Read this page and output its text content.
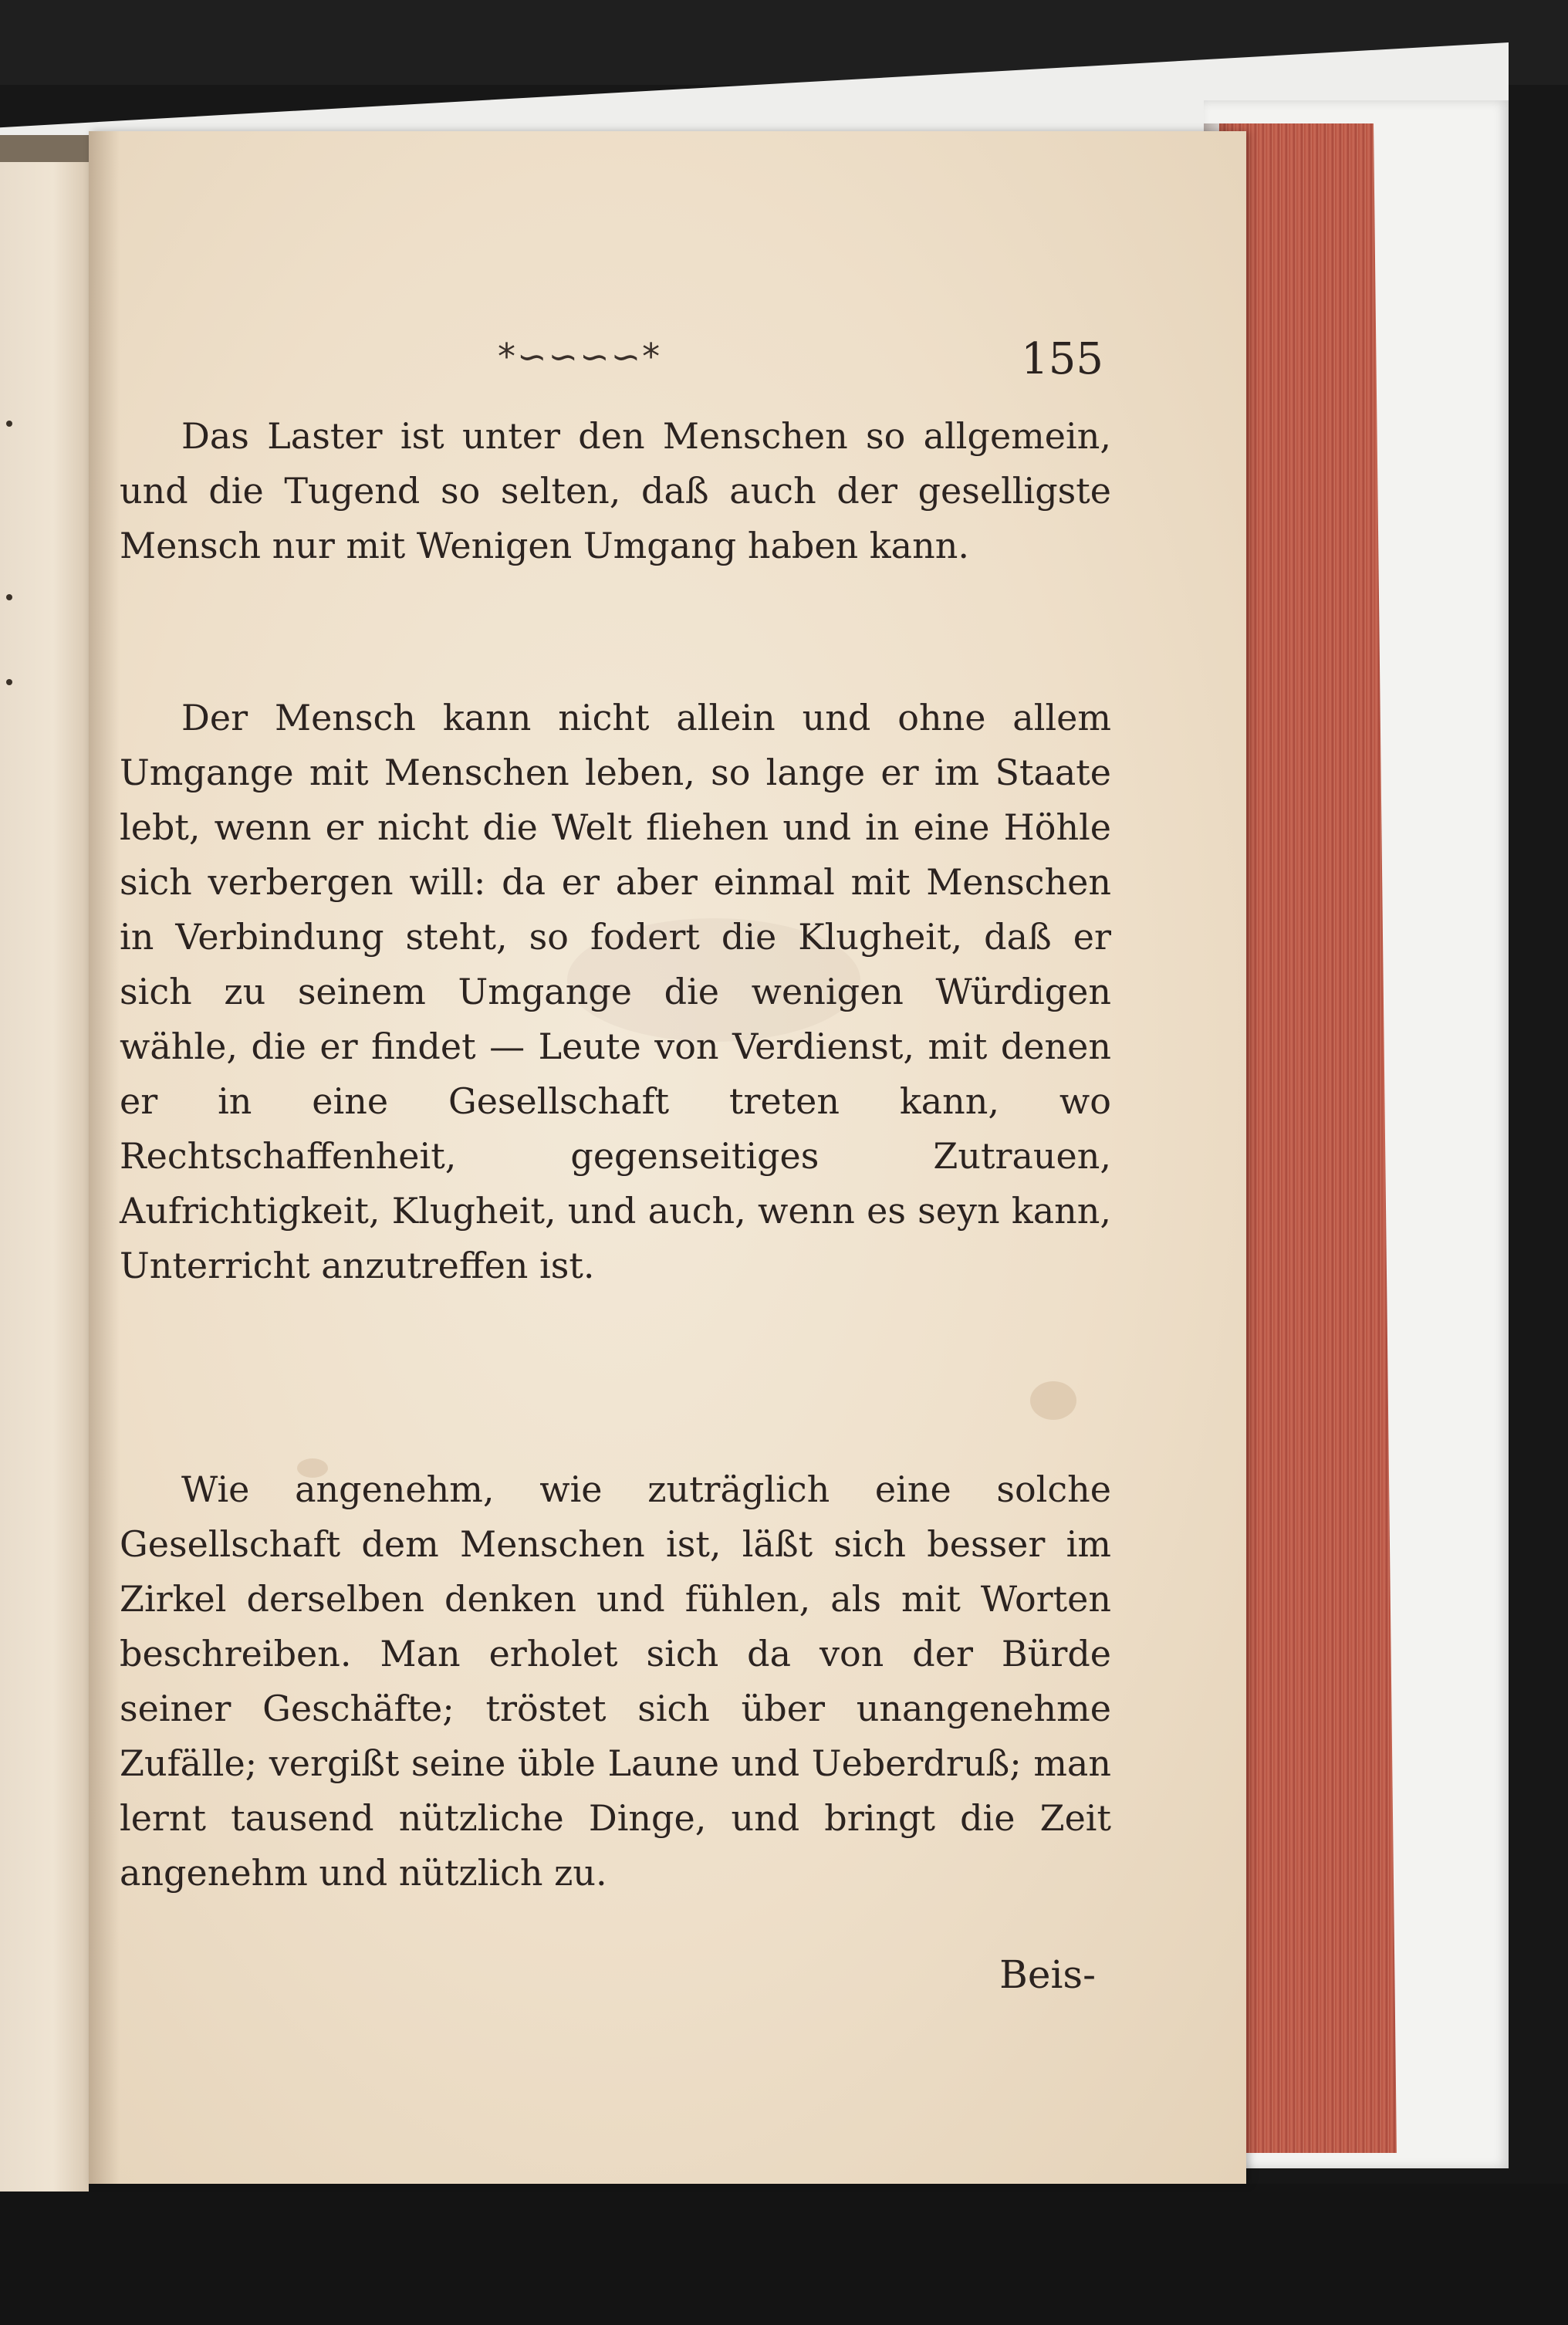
*∽∽∽∽*	155

Das Laster ist unter den Menschen so allgemein, und die Tugend so selten, daß auch der geselligste Mensch nur mit Wenigen Umgang haben kann.

Der Mensch kann nicht allein und ohne allem Umgange mit Menschen leben, so lange er im Staate lebt, wenn er nicht die Welt fliehen und in eine Höhle sich verbergen will: da er aber einmal mit Menschen in Verbindung steht, so fodert die Klugheit, daß er sich zu seinem Umgange die wenigen Würdigen wähle, die er findet — Leute von Verdienst, mit denen er in eine Gesellschaft treten kann, wo Rechtschaffenheit, gegenseitiges Zutrauen, Aufrichtigkeit, Klugheit, und auch, wenn es seyn kann, Unterricht anzutreffen ist.

Wie angenehm, wie zuträglich eine solche Gesellschaft dem Menschen ist, läßt sich besser im Zirkel derselben denken und fühlen, als mit Worten beschreiben. Man erholet sich da von der Bürde seiner Geschäfte; tröstet sich über unangenehme Zufälle; vergißt seine üble Laune und Ueberdruß; man lernt tausend nützliche Dinge, und bringt die Zeit angenehm und nützlich zu.

Beis-
